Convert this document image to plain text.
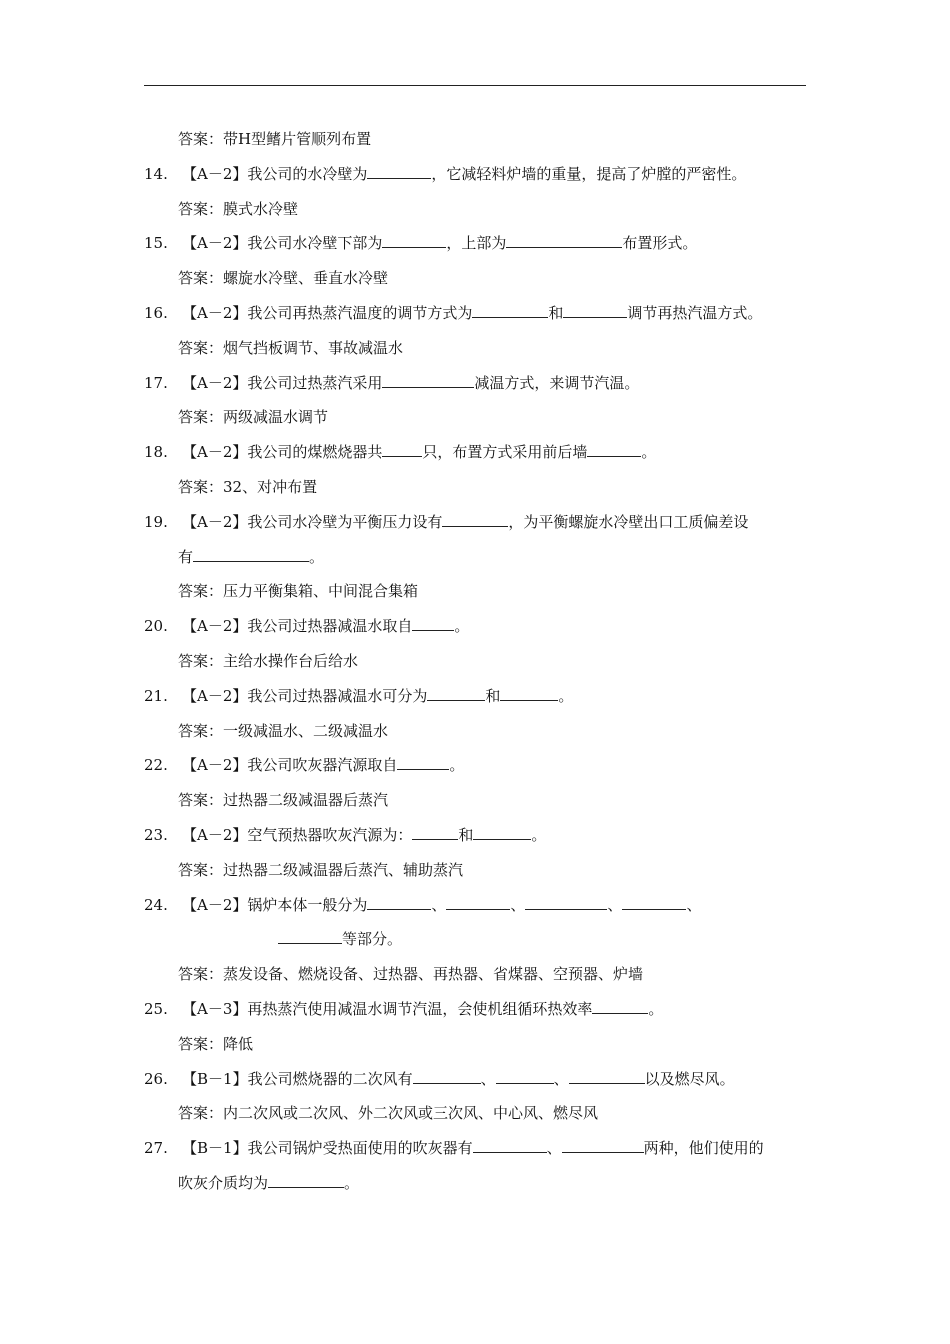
答案：带H型鳍片管顺列布置
14. 【A－2】我公司的水冷壁为	，它减轻料炉墙的重量，提高了炉膛的严密性。
答案：膜式水冷壁
15. 【A－2】我公司水冷壁下部为	，上部为	布置形式。
答案：螺旋水冷壁、垂直水冷壁
16. 【A－2】我公司再热蒸汽温度的调节方式为	和	调节再热汽温方式。
答案：烟气挡板调节、事故减温水
17. 【A－2】我公司过热蒸汽采用	减温方式，来调节汽温。
答案：两级减温水调节
18. 【A－2】我公司的煤燃烧器共	只，布置方式采用前后墙	。
答案：32、对冲布置
19. 【A－2】我公司水冷壁为平衡压力设有	，为平衡螺旋水冷壁出口工质偏差设
有	。
答案：压力平衡集箱、中间混合集箱
20. 【A－2】我公司过热器减温水取自	。
答案：主给水操作台后给水
21. 【A－2】我公司过热器减温水可分为	和	。
答案：一级减温水、二级减温水
22. 【A－2】我公司吹灰器汽源取自	。
答案：过热器二级减温器后蒸汽
23. 【A－2】空气预热器吹灰汽源为：	和	。
答案：过热器二级减温器后蒸汽、辅助蒸汽
24. 【A－2】锅炉本体一般分为	、	、	、	、
等部分。
答案：蒸发设备、燃烧设备、过热器、再热器、省煤器、空预器、炉墙
25. 【A－3】再热蒸汽使用减温水调节汽温，会使机组循环热效率	。
答案：降低
26. 【B－1】我公司燃烧器的二次风有	、	、	以及燃尽风。
答案：内二次风或二次风、外二次风或三次风、中心风、燃尽风
27. 【B－1】我公司锅炉受热面使用的吹灰器有	、	两种，他们使用的
吹灰介质均为	。
